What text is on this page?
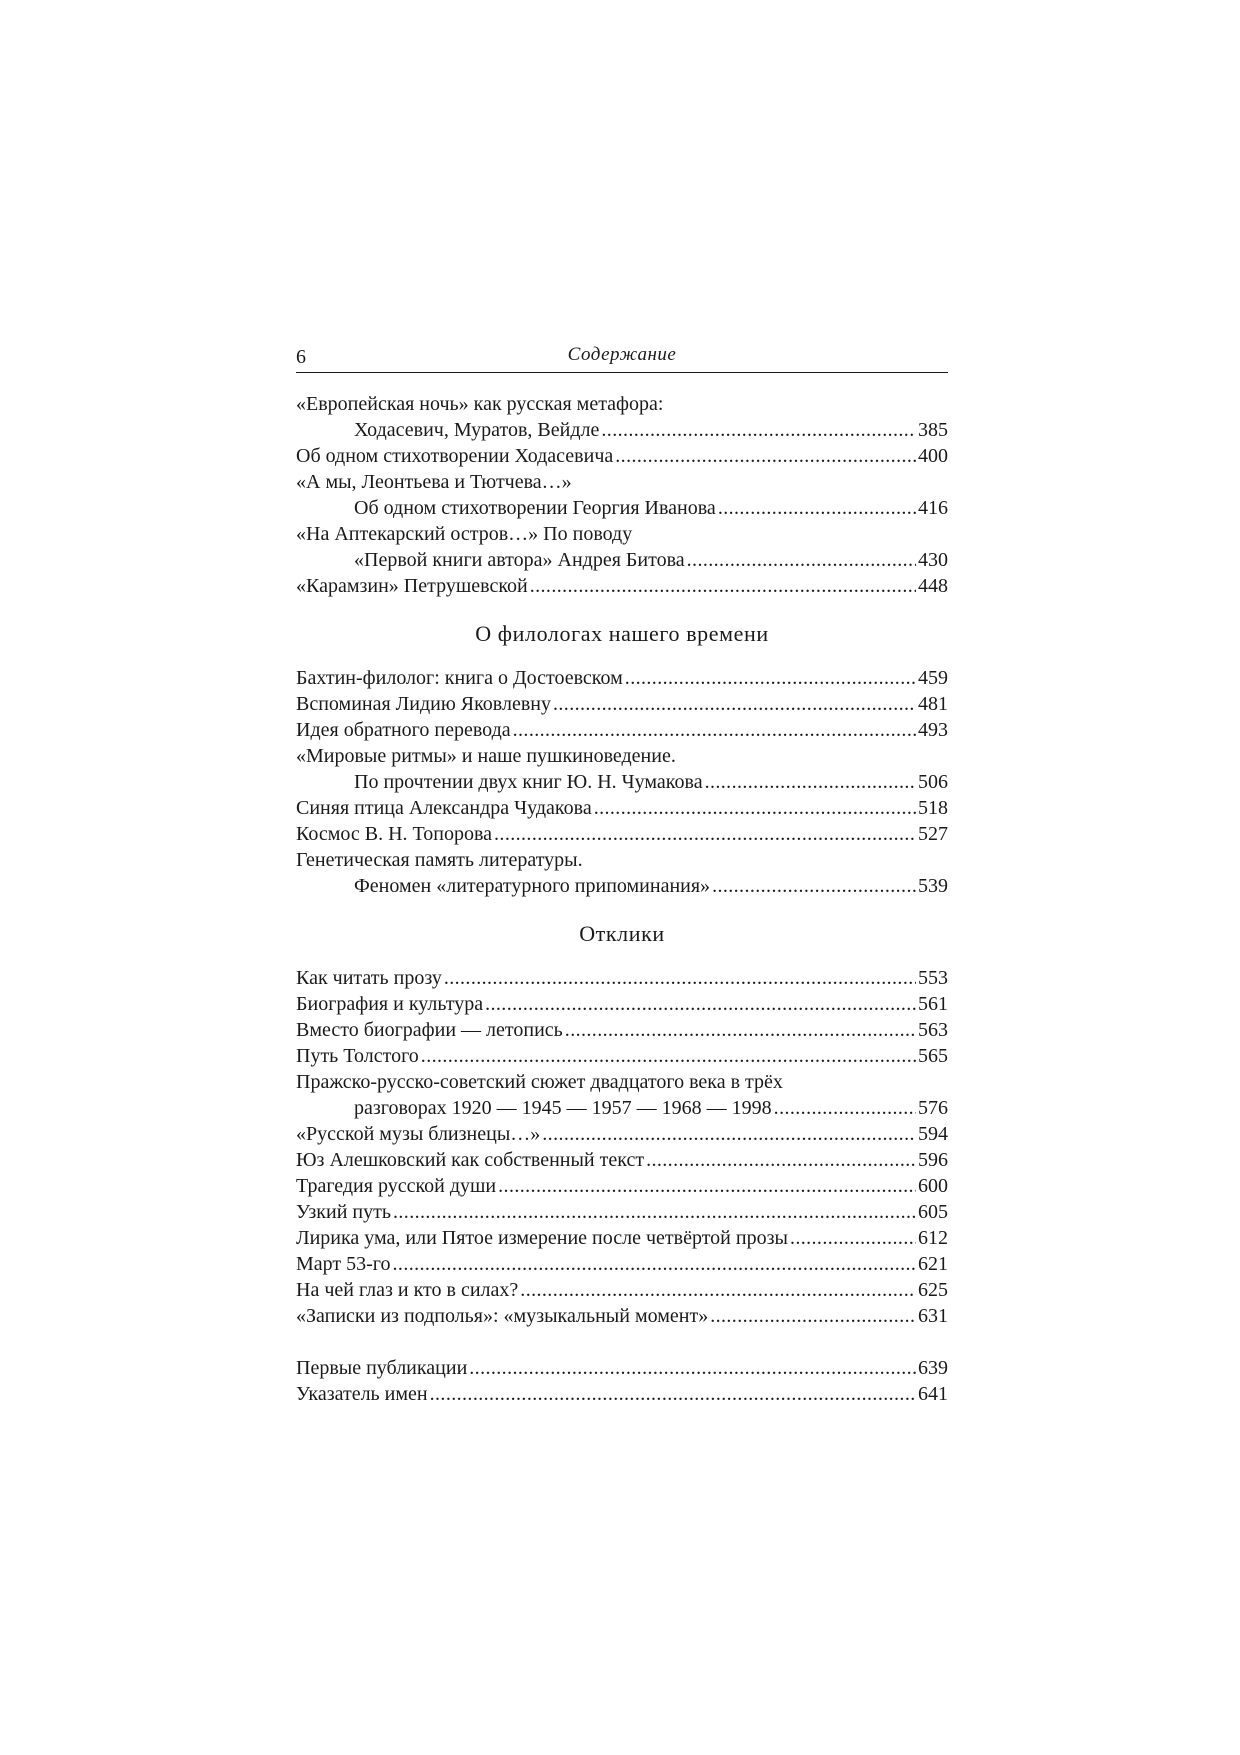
6	Содержание
«Европейская ночь» как русская метафора:
Ходасевич, Муратов, Вейдле .....	385
Об одном стихотворении Ходасевича .....	400
«А мы, Леонтьева и Тютчева…»
Об одном стихотворении Георгия Иванова .....	416
«На Аптекарский остров…» По поводу
«Первой книги автора» Андрея Битова .....	430
«Карамзин» Петрушевской .....	448
О филологах нашего времени
Бахтин-филолог: книга о Достоевском .....	459
Вспоминая Лидию Яковлевну .....	481
Идея обратного перевода .....	493
«Мировые ритмы» и наше пушкиноведение.
По прочтении двух книг Ю. Н. Чумакова .....	506
Синяя птица Александра Чудакова .....	518
Космос В. Н. Топорова .....	527
Генетическая память литературы.
Феномен «литературного припоминания» .....	539
Отклики
Как читать прозу .....	553
Биография и культура .....	561
Вместо биографии — летопись .....	563
Путь Толстого .....	565
Пражско-русско-советский сюжет двадцатого века в трёх
разговорах 1920 — 1945 — 1957 — 1968 — 1998 .....	576
«Русской музы близнецы…» .....	594
Юз Алешковский как собственный текст .....	596
Трагедия русской души .....	600
Узкий путь .....	605
Лирика ума, или Пятое измерение после четвёртой прозы .....	612
Март 53-го .....	621
На чей глаз и кто в силах? .....	625
«Записки из подполья»: «музыкальный момент» .....	631
Первые публикации .....	639
Указатель имен .....	641
